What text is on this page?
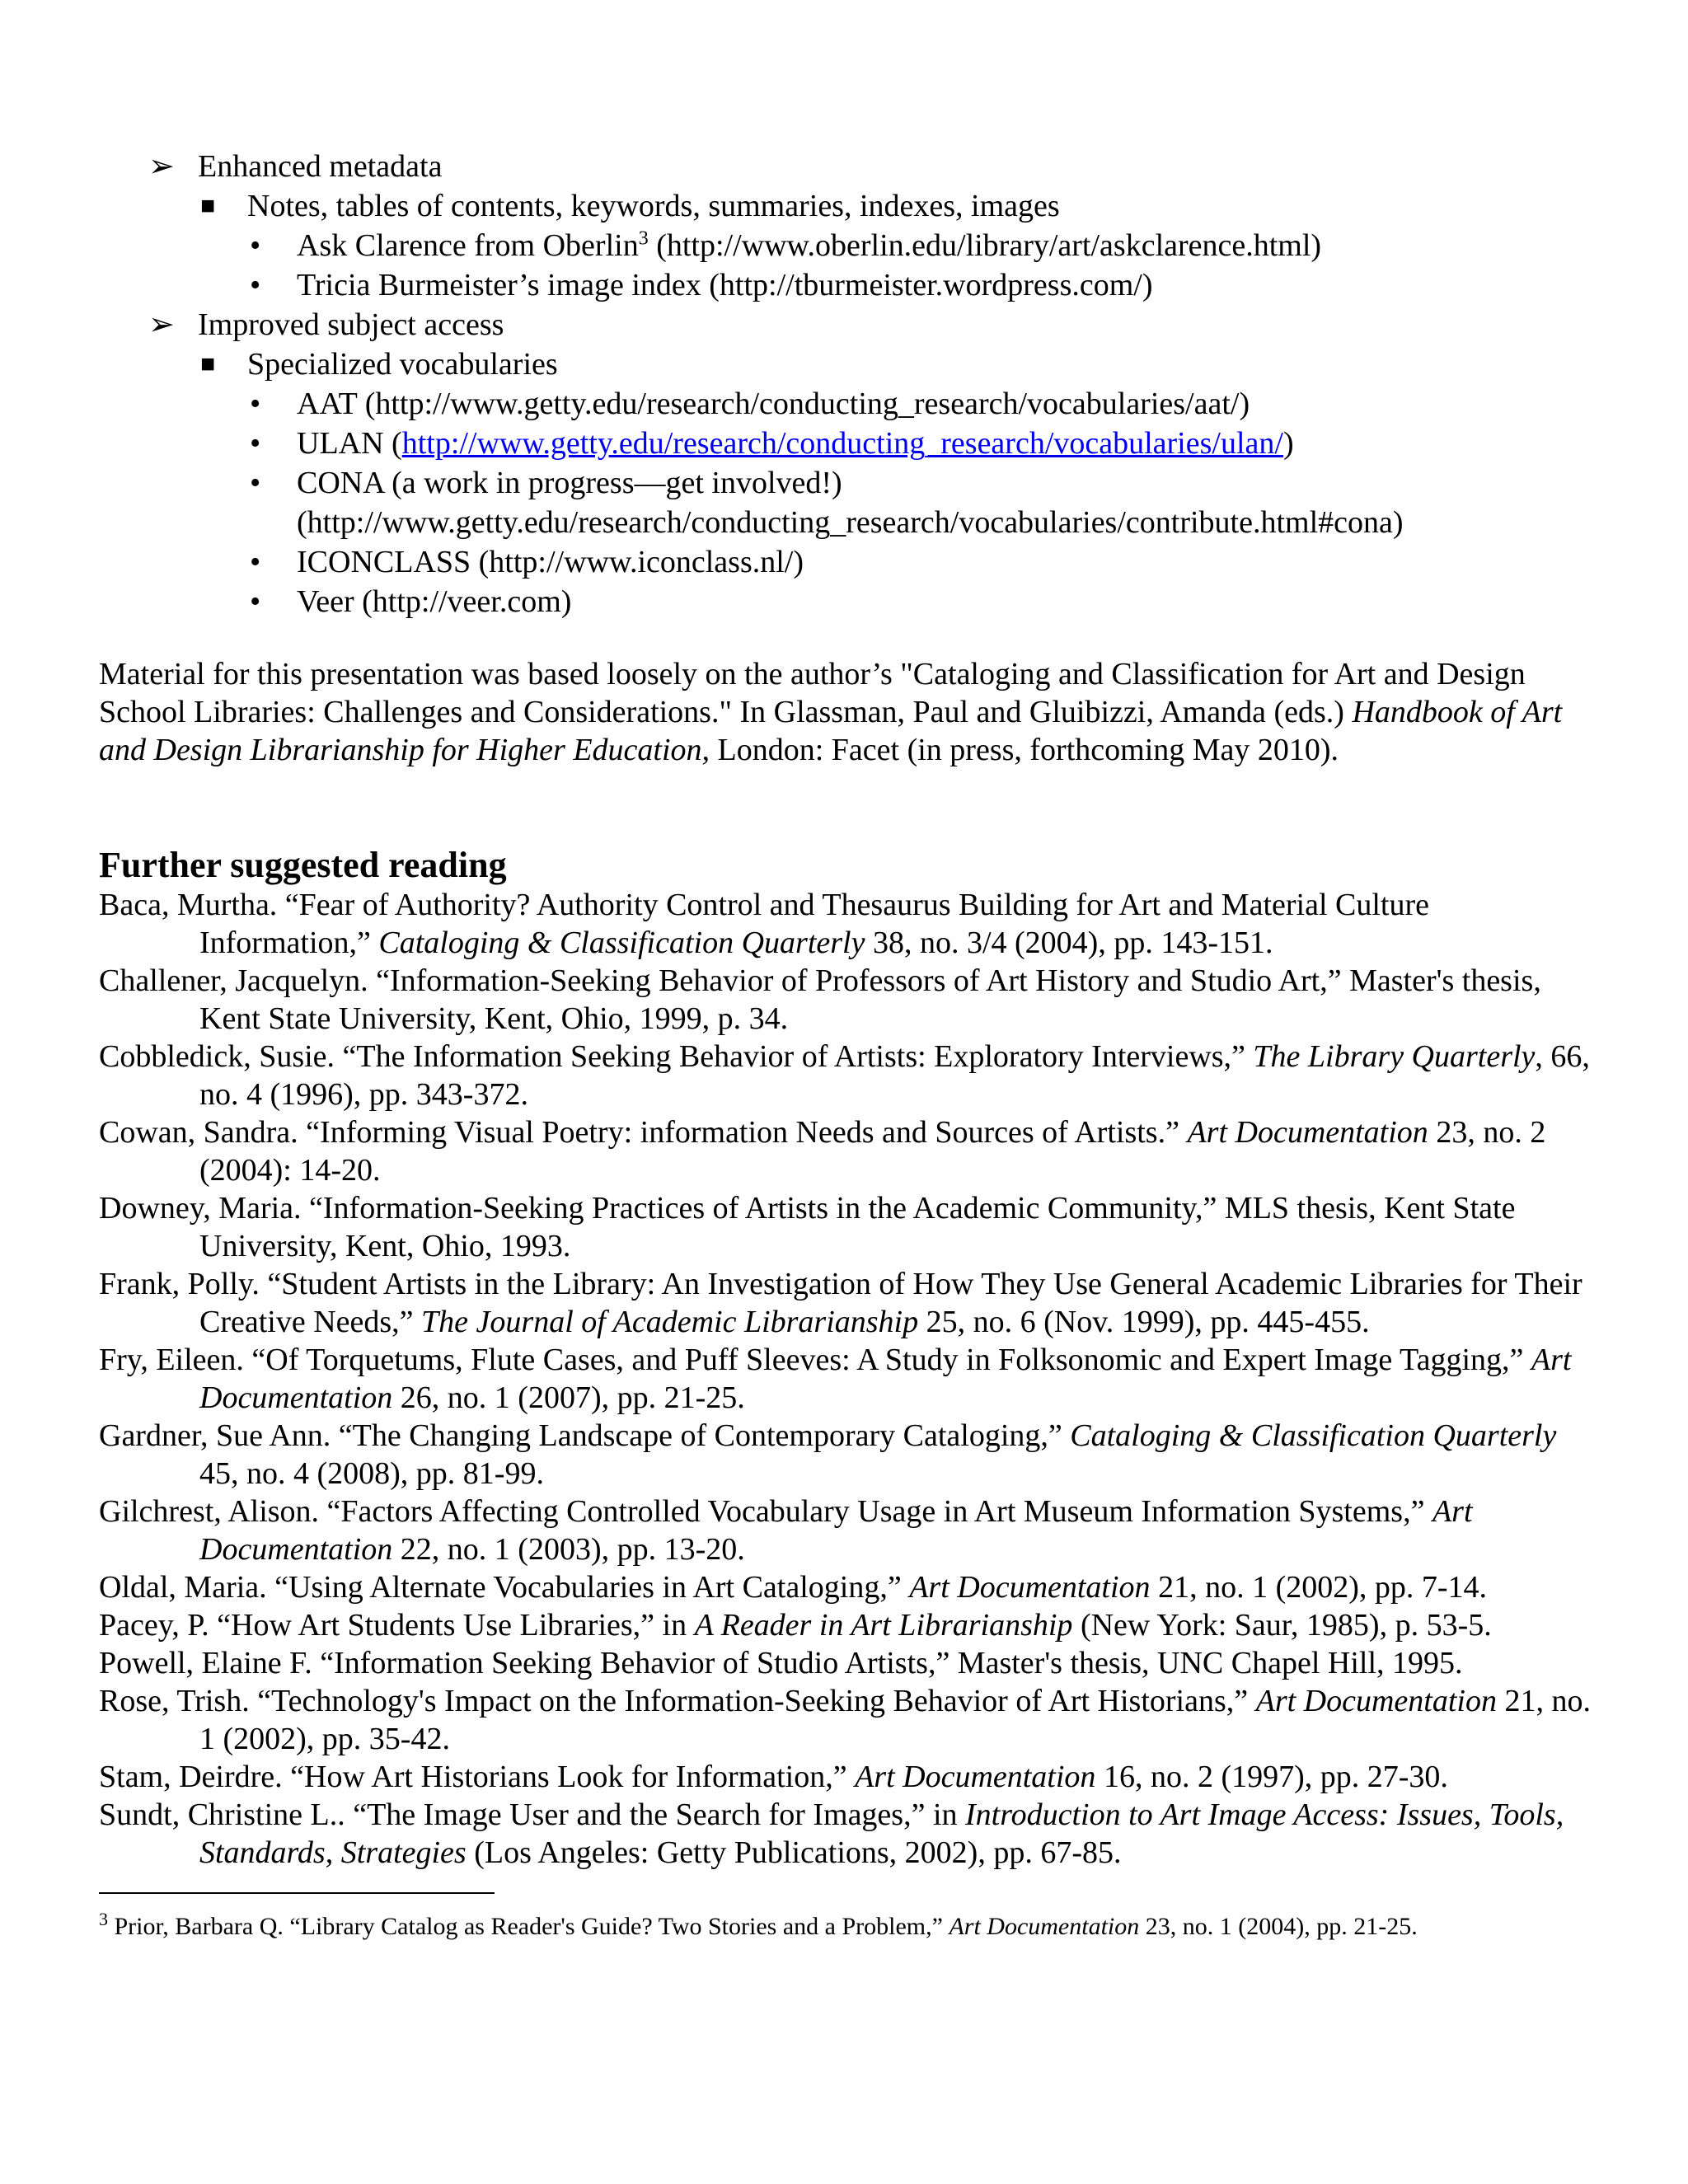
➢ Enhanced metadata
■ Notes, tables of contents, keywords, summaries, indexes, images
• Ask Clarence from Oberlin$^3$ (http://www.oberlin.edu/library/art/askclarence.html)
• Tricia Burmeister’s image index (http://tburmeister.wordpress.com/)
➢ Improved subject access
■ Specialized vocabularies
• AAT (http://www.getty.edu/research/conducting_research/vocabularies/aat/)
• ULAN (http://www.getty.edu/research/conducting_research/vocabularies/ulan/)
• CONA (a work in progress—get involved!)
(http://www.getty.edu/research/conducting_research/vocabularies/contribute.html#cona)
• ICONCLASS (http://www.iconclass.nl/)
• Veer (http://veer.com)
Material for this presentation was based loosely on the author’s "Cataloging and Classification for Art and Design School Libraries: Challenges and Considerations." In Glassman, Paul and Gluibizzi, Amanda (eds.) Handbook of Art and Design Librarianship for Higher Education, London: Facet (in press, forthcoming May 2010).
Further suggested reading
Baca, Murtha. “Fear of Authority? Authority Control and Thesaurus Building for Art and Material Culture Information,” Cataloging & Classification Quarterly 38, no. 3/4 (2004), pp. 143-151.
Challener, Jacquelyn. “Information-Seeking Behavior of Professors of Art History and Studio Art,” Master's thesis, Kent State University, Kent, Ohio, 1999, p. 34.
Cobbledick, Susie. “The Information Seeking Behavior of Artists: Exploratory Interviews,” The Library Quarterly, 66, no. 4 (1996), pp. 343-372.
Cowan, Sandra. “Informing Visual Poetry: information Needs and Sources of Artists.” Art Documentation 23, no. 2 (2004): 14-20.
Downey, Maria. “Information-Seeking Practices of Artists in the Academic Community,” MLS thesis, Kent State University, Kent, Ohio, 1993.
Frank, Polly. “Student Artists in the Library: An Investigation of How They Use General Academic Libraries for Their Creative Needs,” The Journal of Academic Librarianship 25, no. 6 (Nov. 1999), pp. 445-455.
Fry, Eileen. “Of Torquetums, Flute Cases, and Puff Sleeves: A Study in Folksonomic and Expert Image Tagging,” Art Documentation 26, no. 1 (2007), pp. 21-25.
Gardner, Sue Ann. “The Changing Landscape of Contemporary Cataloging,” Cataloging & Classification Quarterly 45, no. 4 (2008), pp. 81-99.
Gilchrest, Alison. “Factors Affecting Controlled Vocabulary Usage in Art Museum Information Systems,” Art Documentation 22, no. 1 (2003), pp. 13-20.
Oldal, Maria. “Using Alternate Vocabularies in Art Cataloging,” Art Documentation 21, no. 1 (2002), pp. 7-14.
Pacey, P. “How Art Students Use Libraries,” in A Reader in Art Librarianship (New York: Saur, 1985), p. 53-5.
Powell, Elaine F. “Information Seeking Behavior of Studio Artists,” Master's thesis, UNC Chapel Hill, 1995.
Rose, Trish. “Technology's Impact on the Information-Seeking Behavior of Art Historians,” Art Documentation 21, no. 1 (2002), pp. 35-42.
Stam, Deirdre. “How Art Historians Look for Information,” Art Documentation 16, no. 2 (1997), pp. 27-30.
Sundt, Christine L.. “The Image User and the Search for Images,” in Introduction to Art Image Access: Issues, Tools, Standards, Strategies (Los Angeles: Getty Publications, 2002), pp. 67-85.
$^3$ Prior, Barbara Q. “Library Catalog as Reader's Guide? Two Stories and a Problem,” Art Documentation 23, no. 1 (2004), pp. 21-25.
